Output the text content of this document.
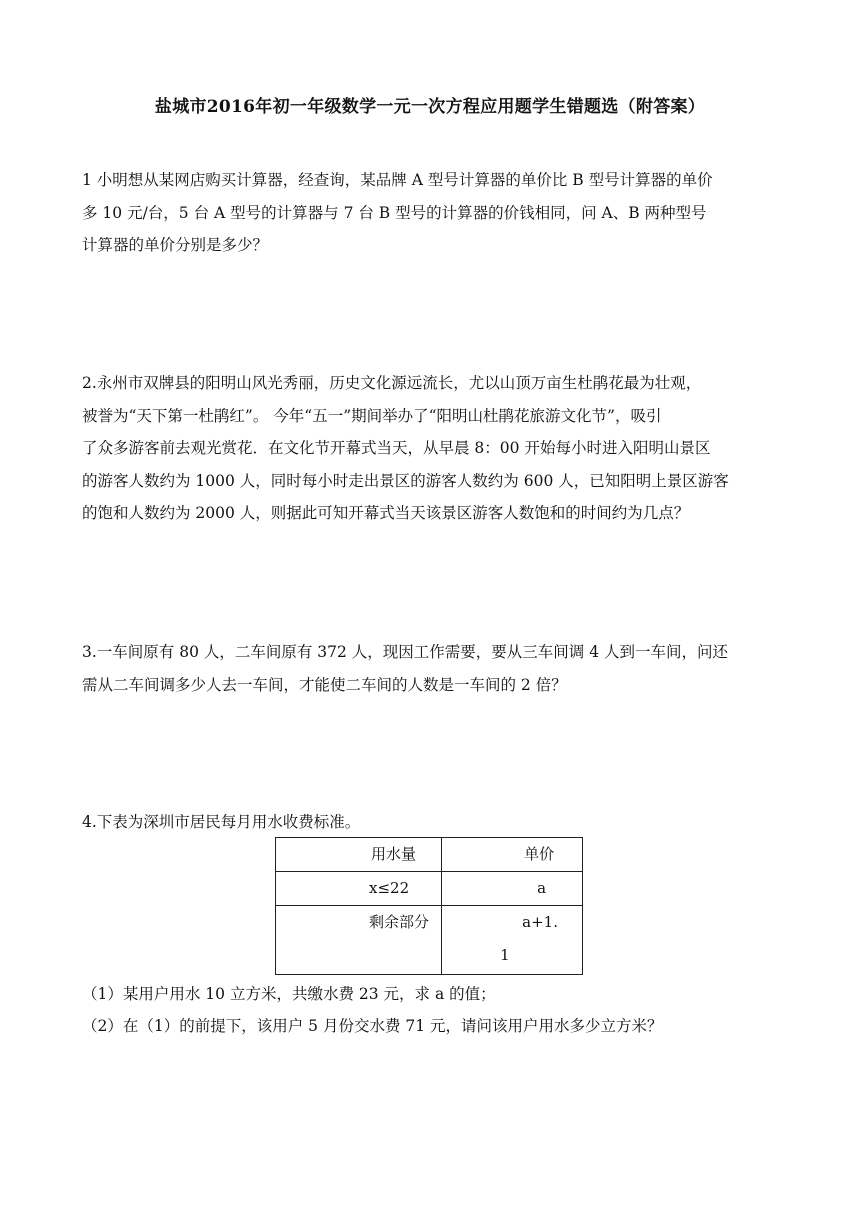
盐城市2016年初一年级数学一元一次方程应用题学生错题选（附答案）
1 小明想从某网店购买计算器，经查询，某品牌 A 型号计算器的单价比 B 型号计算器的单价
多 10 元/台，5 台 A 型号的计算器与 7 台 B 型号的计算器的价钱相同，问 A、B 两种型号
计算器的单价分别是多少？
2.永州市双牌县的阳明山风光秀丽，历史文化源远流长，尤以山顶万亩生杜鹃花最为壮观，
被誉为“天下第一杜鹃红”。 今年“五一”期间举办了“阳明山杜鹃花旅游文化节”，吸引
了众多游客前去观光赏花．在文化节开幕式当天，从早晨 8：00 开始每小时进入阳明山景区
的游客人数约为 1000 人，同时每小时走出景区的游客人数约为 600 人，已知阳明上景区游客
的饱和人数约为 2000 人，则据此可知开幕式当天该景区游客人数饱和的时间约为几点？
3.一车间原有 80 人，二车间原有 372 人，现因工作需要，要从三车间调 4 人到一车间，问还
需从二车间调多少人去一车间，才能使二车间的人数是一车间的 2 倍？
4.下表为深圳市居民每月用水收费标准。
用水量	单价
x≤22	a
剩余部分	a+1.
1
（1）某用户用水 10 立方米，共缴水费 23 元，求 a 的值；
（2）在（1）的前提下，该用户 5 月份交水费 71 元，请问该用户用水多少立方米？
